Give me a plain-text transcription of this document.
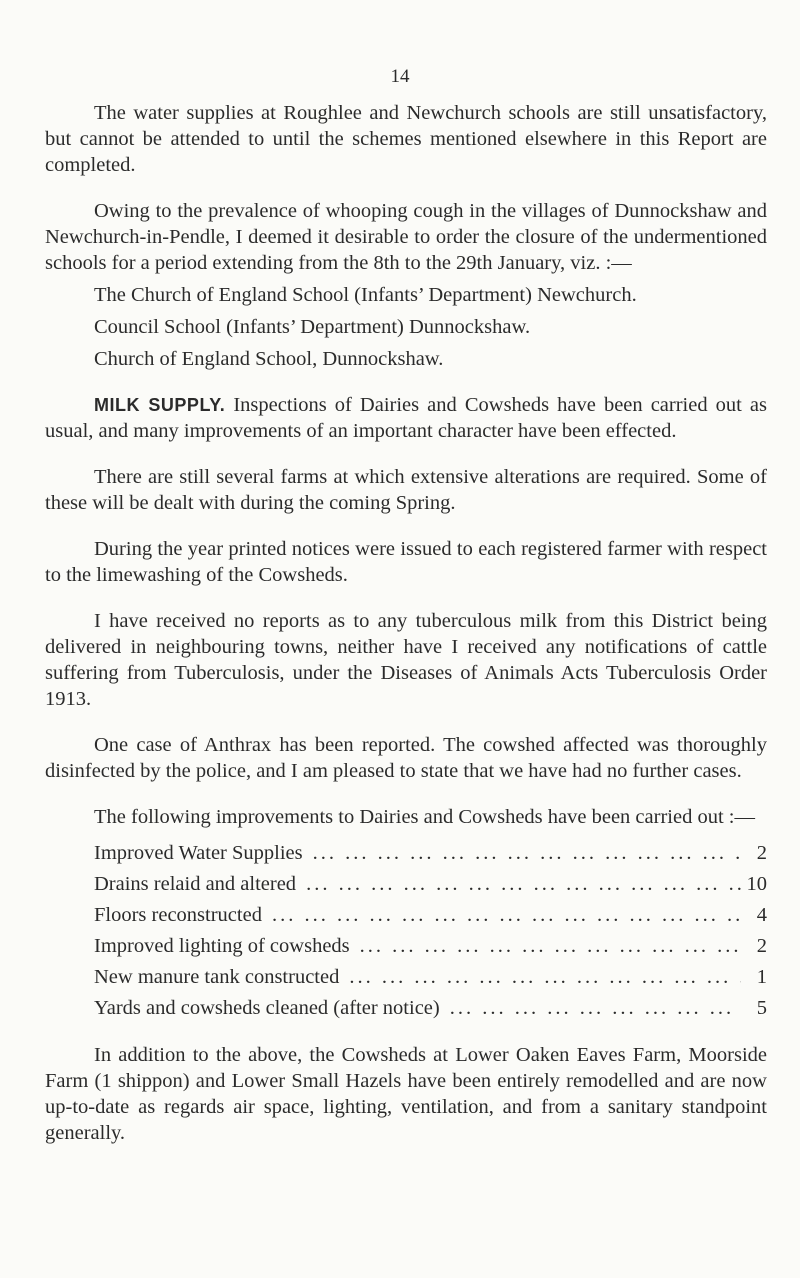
14

The water supplies at Roughlee and Newchurch schools are still unsatisfactory, but cannot be attended to until the schemes mentioned elsewhere in this Report are completed.

Owing to the prevalence of whooping cough in the villages of Dunnockshaw and Newchurch-in-Pendle, I deemed it desirable to order the closure of the undermentioned schools for a period extending from the 8th to the 29th January, viz. :—

The Church of England School (Infants’ Department) Newchurch.
Council School (Infants’ Department) Dunnockshaw.
Church of England School, Dunnockshaw.

MILK SUPPLY. Inspections of Dairies and Cowsheds have been carried out as usual, and many improvements of an important character have been effected.

There are still several farms at which extensive alterations are required. Some of these will be dealt with during the coming Spring.

During the year printed notices were issued to each registered farmer with respect to the limewashing of the Cowsheds.

I have received no reports as to any tuberculous milk from this District being delivered in neighbouring towns, neither have I received any notifications of cattle suffering from Tuberculosis, under the Diseases of Animals Acts Tuberculosis Order 1913.

One case of Anthrax has been reported. The cowshed affected was thoroughly disinfected by the police, and I am pleased to state that we have had no further cases.

The following improvements to Dairies and Cowsheds have been carried out :—

Improved Water Supplies ... .	2
Drains relaid and altered ... .	10
Floors reconstructed ... .	4
Improved lighting of cowsheds ... .	2
New manure tank constructed ... .	1
Yards and cowsheds cleaned (after notice) ... .	5

In addition to the above, the Cowsheds at Lower Oaken Eaves Farm, Moorside Farm (1 shippon) and Lower Small Hazels have been entirely remodelled and are now up-to-date as regards air space, lighting, ventilation, and from a sanitary standpoint generally.
